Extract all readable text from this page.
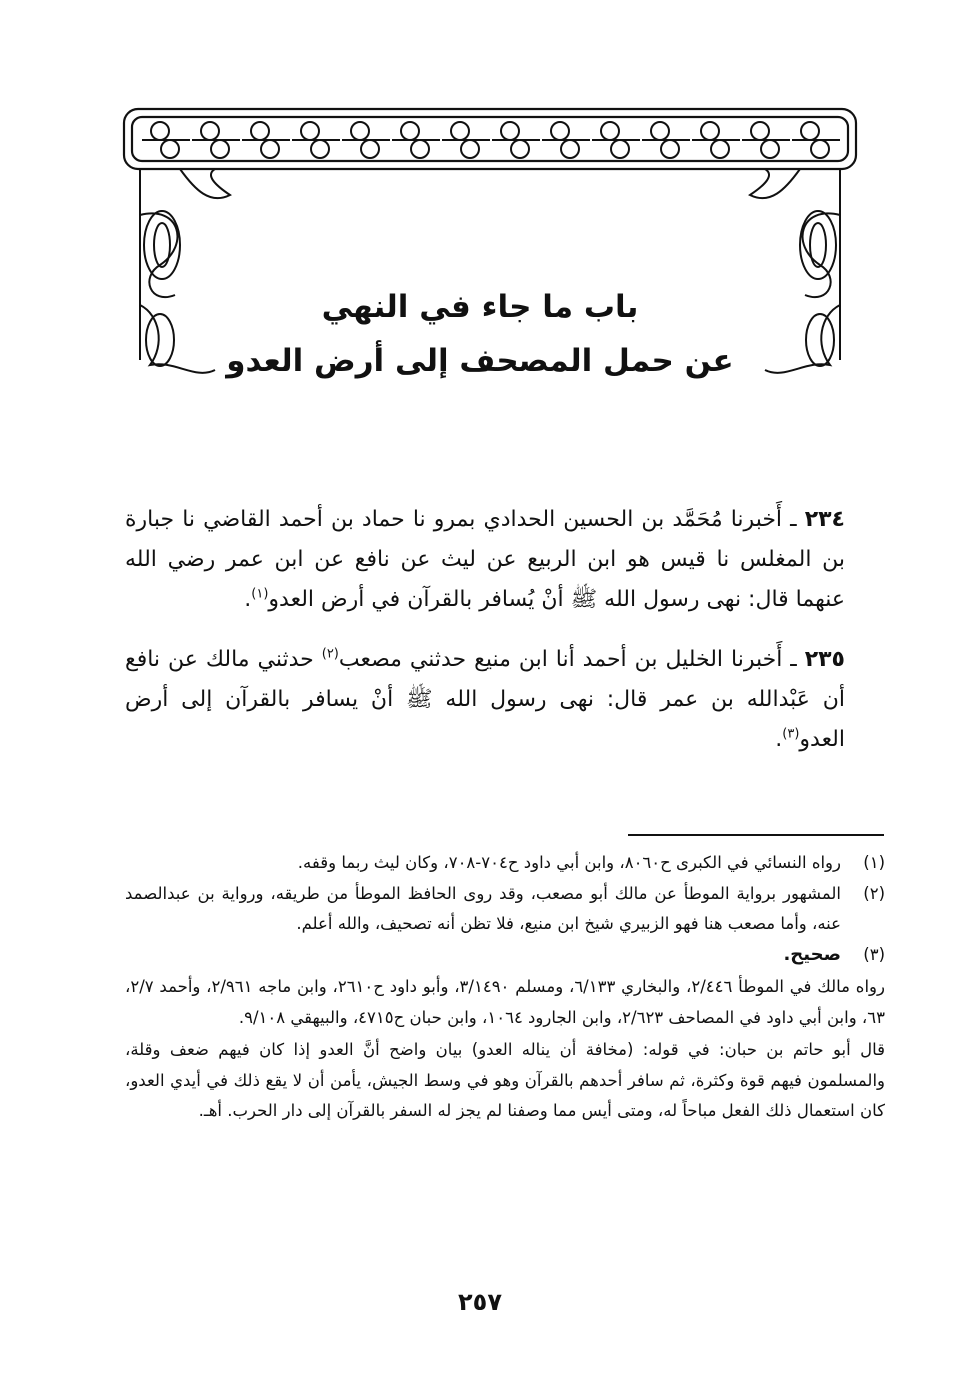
باب ما جاء في النهي
عن حمل المصحف إلى أرض العدو

٢٣٤ ـ أَخبرنا مُحَمَّد بن الحسين الحدادي بمرو نا حماد بن أحمد القاضي نا جبارة بن المغلس نا قيس هو ابن الربيع عن ليث عن نافع عن ابن عمر رضي الله عنهما قال: نهى رسول الله ﷺ أنْ يُسافر بالقرآن في أرض العدو$^{(١)}$.

٢٣٥ ـ أَخبرنا الخليل بن أحمد أنا ابن منيع حدثني مصعب$^{(٢)}$ حدثني مالك عن نافع أن عَبْدالله بن عمر قال: نهى رسول الله ﷺ أنْ يسافر بالقرآن إلى أرض العدو$^{(٣)}$.

(١)
رواه النسائي في الكبرى ح٨٠٦٠، وابن أبي داود ح٧٠٤-٧٠٨، وكان ليث ربما وقفه.
(٢)
المشهور برواية الموطأ عن مالك أبو مصعب، وقد روى الحافظ الموطأ من طريقه، ورواية بن عبدالصمد عنه، وأما مصعب هنا فهو الزبيري شيخ ابن منيع، فلا تظن أنه تصحيف، والله أعلم.
(٣)

صحيح.

رواه مالك في الموطأ ٢/٤٤٦، والبخاري ٦/١٣٣، ومسلم ٣/١٤٩٠، وأبو داود ح٢٦١٠، وابن ماجه ٢/٩٦١، وأحمد ٢/٧، ٦٣، وابن أبي داود في المصاحف ٢/٦٢٣، وابن الجارود ١٠٦٤، وابن حبان ح٤٧١٥، والبيهقي ٩/١٠٨.

قال أبو حاتم بن حبان: في قوله: (مخافة أن يناله العدو) بيان واضح أنَّ العدو إذا كان فيهم ضعف وقلة، والمسلمون فيهم قوة وكثرة، ثم سافر أحدهم بالقرآن وهو في وسط الجيش، يأمن أن لا يقع ذلك في أيدي العدو، كان استعمال ذلك الفعل مباحاً له، ومتى أيس مما وصفنا لم يجز له السفر بالقرآن إلى دار الحرب. أهـ.

٢٥٧
